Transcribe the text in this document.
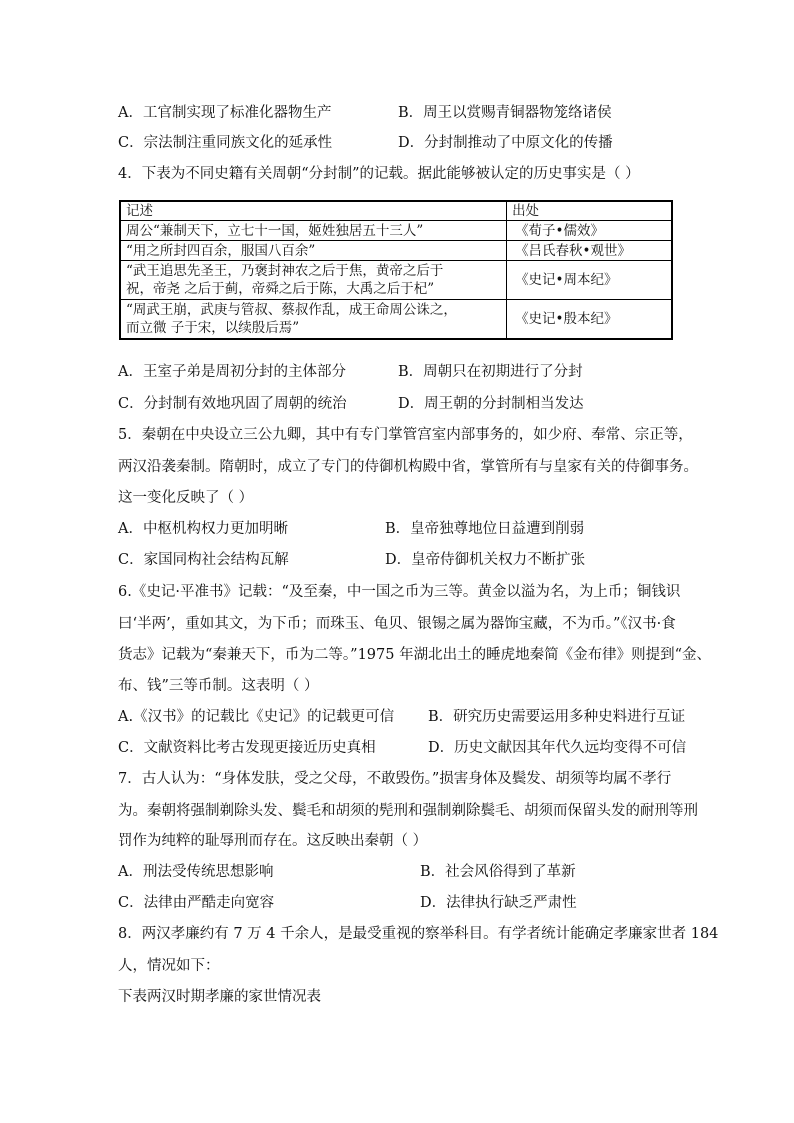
A．工官制实现了标准化器物生产	B．周王以赏赐青铜器物笼络诸侯
C．宗法制注重同族文化的延承性	D．分封制推动了中原文化的传播
4．下表为不同史籍有关周朝“分封制”的记载。据此能够被认定的历史事实是（ ）
记述	出处
周公“兼制天下，立七十一国，姬姓独居五十三人”	《荀子•儒效》
“用之所封四百余，服国八百余”	《吕氏春秋•观世》

“武王追思先圣王，乃褒封神农之后于焦，黄帝之后于
祝，帝尧 之后于蓟，帝舜之后于陈，大禹之后于杞”	《史记•周本纪》

“周武王崩，武庚与管叔、蔡叔作乱，成王命周公诛之，
而立微 子于宋，以续殷后焉”	《史记•殷本纪》
A．王室子弟是周初分封的主体部分	B．周朝只在初期进行了分封
C．分封制有效地巩固了周朝的统治	D．周王朝的分封制相当发达
5．秦朝在中央设立三公九卿，其中有专门掌管宫室内部事务的，如少府、奉常、宗正等，
两汉沿袭秦制。隋朝时，成立了专门的侍御机构殿中省，掌管所有与皇家有关的侍御事务。
这一变化反映了（ ）
A．中枢机构权力更加明晰	B．皇帝独尊地位日益遭到削弱
C．家国同构社会结构瓦解	D．皇帝侍御机关权力不断扩张
6.《史记·平准书》记载：“及至秦，中一国之币为三等。黄金以溢为名，为上币；铜钱识
曰‘半两’，重如其文，为下币；而珠玉、龟贝、银锡之属为器饰宝藏，不为币。”《汉书·食
货志》记载为“秦兼天下，币为二等。”1975 年湖北出土的睡虎地秦简《金布律》则提到“金、
布、钱”三等币制。这表明（ ）
A.《汉书》的记载比《史记》的记载更可信 B．研究历史需要运用多种史料进行互证
C．文献资料比考古发现更接近历史真相	D．历史文献因其年代久远均变得不可信
7．古人认为：“身体发肤，受之父母，不敢毁伤。”损害身体及鬓发、胡须等均属不孝行
为。秦朝将强制剃除头发、鬓毛和胡须的髡刑和强制剃除鬓毛、胡须而保留头发的耐刑等刑
罚作为纯粹的耻辱刑而存在。这反映出秦朝（ ）
A．刑法受传统思想影响	B．社会风俗得到了革新
C．法律由严酷走向宽容	D．法律执行缺乏严肃性
8．两汉孝廉约有 7 万 4 千余人，是最受重视的察举科目。有学者统计能确定孝廉家世者 184
人，情况如下：
下表两汉时期孝廉的家世情况表
